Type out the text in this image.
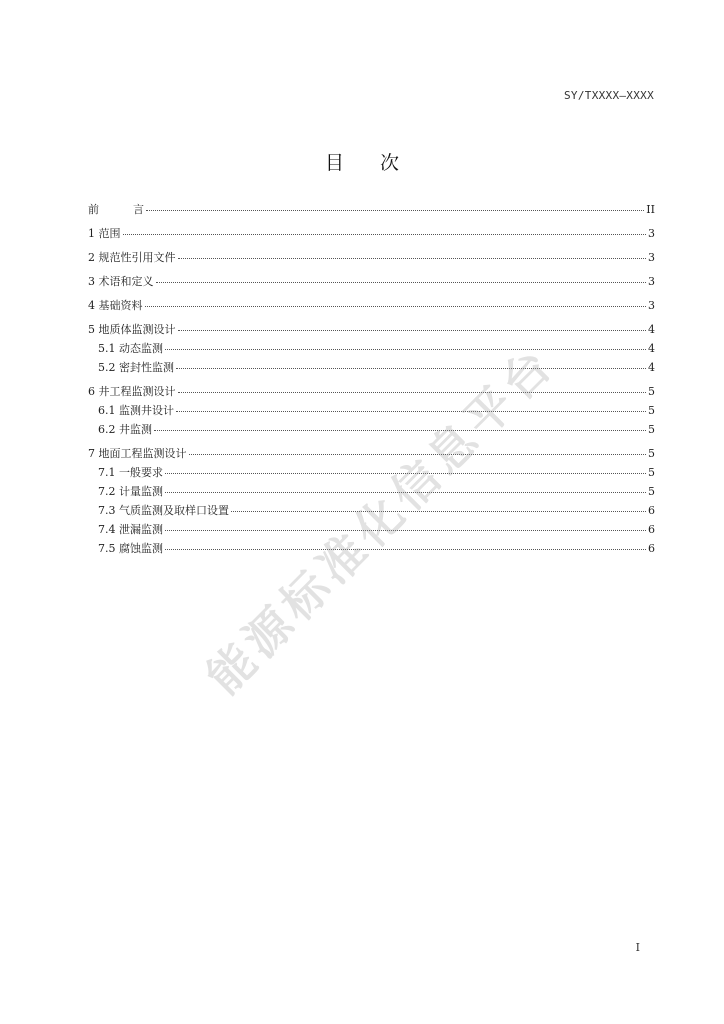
SY/TXXXX—XXXX
目 次
前	言	II
1 范围	3
2 规范性引用文件	3
3 术语和定义	3
4 基础资料	3
5 地质体监测设计	4
5.1 动态监测	4
5.2 密封性监测	4
6 井工程监测设计	5
6.1 监测井设计	5
6.2 井监测	5
7 地面工程监测设计	5
7.1 一般要求	5
7.2 计量监测	5
7.3 气质监测及取样口设置	6
7.4 泄漏监测	6
7.5 腐蚀监测	6
能源标准化信息平台
I
